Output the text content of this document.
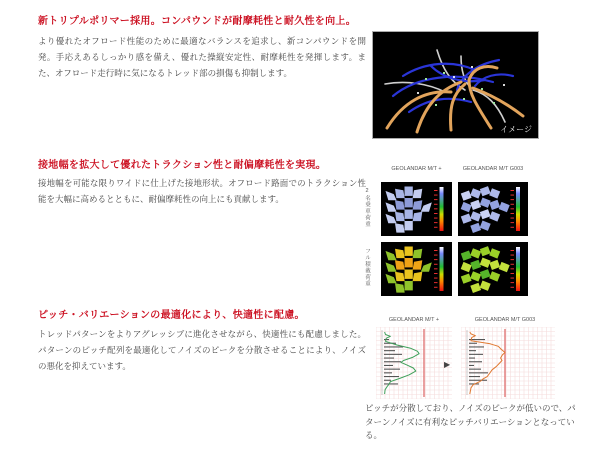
新トリプルポリマー採用。コンパウンドが耐摩耗性と耐久性を向上。
より優れたオフロード性能のために最適なバランスを追求し、新コンパウンドを開発。手応えあるしっかり感を備え、優れた操縦安定性、耐摩耗性を発揮します。また、オフロード走行時に気になるトレッド部の損傷も抑制します。
イメージ
接地幅を拡大して優れたトラクション性と耐偏摩耗性を実現。
接地幅を可能な限りワイドに仕上げた接地形状。オフロード路面でのトラクション性能を大幅に高めるとともに、耐偏摩耗性の向上にも貢献します。
GEOLANDAR M/T +	GEOLANDAR M/T G003
2名乗車荷重
フル積載荷重
ピッチ・バリエーションの最適化により、快適性に配慮。
トレッドパターンをよりアグレッシブに進化させながら、快適性にも配慮しました。パターンのピッチ配列を最適化してノイズのピークを分散させることにより、ノイズの悪化を抑えています。
GEOLANDAR M/T +	GEOLANDAR M/T G003
▶
ピッチが分散しており、ノイズのピークが低いので、パターンノイズに有利なピッチバリエーションとなっている。
